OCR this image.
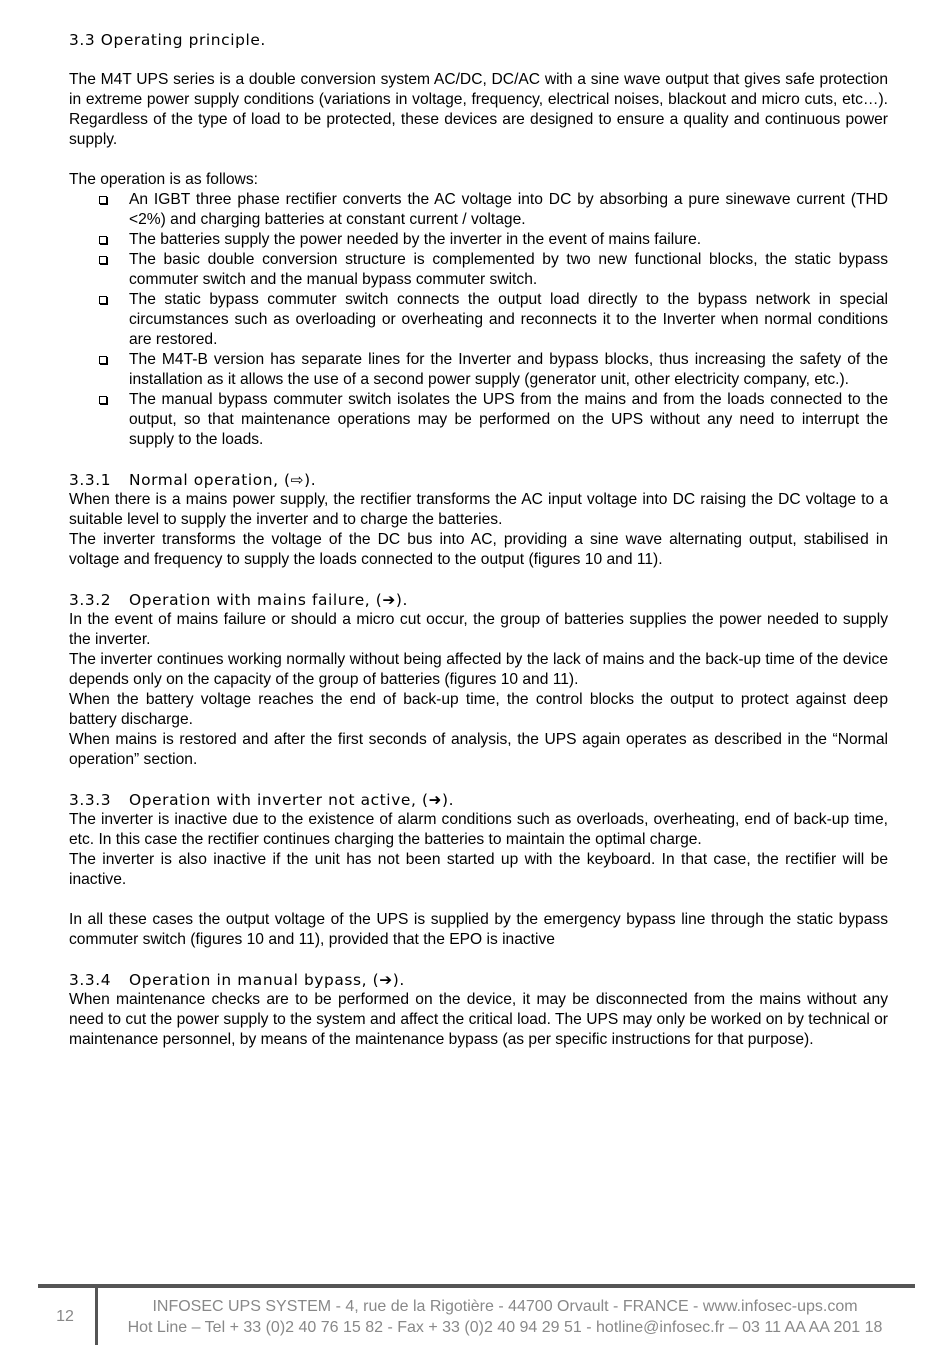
3.3 Operating principle.

The M4T UPS series is a double conversion system AC/DC, DC/AC with a sine wave output that gives safe protection in extreme power supply conditions (variations in voltage, frequency, electrical noises, blackout and micro cuts, etc…). Regardless of the type of load to be protected, these devices are designed to ensure a quality and continuous power supply.

The operation is as follows:

An IGBT three phase rectifier converts the AC voltage into DC by absorbing a pure sinewave current (THD <2%) and charging batteries at constant current / voltage.
The batteries supply the power needed by the inverter in the event of mains failure.
The basic double conversion structure is complemented by two new functional blocks, the static bypass commuter switch and the manual bypass commuter switch.
The static bypass commuter switch connects the output load directly to the bypass network in special circumstances such as overloading or overheating and reconnects it to the Inverter when normal conditions are restored.
The M4T-B version has separate lines for the Inverter and bypass blocks, thus increasing the safety of the installation as it allows the use of a second power supply (generator unit, other electricity company, etc.).
The manual bypass commuter switch isolates the UPS from the mains and from the loads connected to the output, so that maintenance operations may be performed on the UPS without any need to interrupt the supply to the loads.

3.3.1 Normal operation, (⇨).

When there is a mains power supply, the rectifier transforms the AC input voltage into DC raising the DC voltage to a suitable level to supply the inverter and to charge the batteries.

The inverter transforms the voltage of the DC bus into AC, providing a sine wave alternating output, stabilised in voltage and frequency to supply the loads connected to the output (figures 10 and 11).

3.3.2 Operation with mains failure, (➔).

In the event of mains failure or should a micro cut occur, the group of batteries supplies the power needed to supply the inverter.

The inverter continues working normally without being affected by the lack of mains and the back-up time of the device depends only on the capacity of the group of batteries (figures 10 and 11).

When the battery voltage reaches the end of back-up time, the control blocks the output to protect against deep battery discharge.

When mains is restored and after the first seconds of analysis, the UPS again operates as described in the “Normal operation” section.

3.3.3 Operation with inverter not active, (➜).

The inverter is inactive due to the existence of alarm conditions such as overloads, overheating, end of back-up time, etc. In this case the rectifier continues charging the batteries to maintain the optimal charge.

The inverter is also inactive if the unit has not been started up with the keyboard. In that case, the rectifier will be inactive.

In all these cases the output voltage of the UPS is supplied by the emergency bypass line through the static bypass commuter switch (figures 10 and 11), provided that the EPO is inactive

3.3.4 Operation in manual bypass, (➔).

When maintenance checks are to be performed on the device, it may be disconnected from the mains without any need to cut the power supply to the system and affect the critical load. The UPS may only be worked on by technical or maintenance personnel, by means of the maintenance bypass (as per specific instructions for that purpose).

12
INFOSEC UPS SYSTEM - 4, rue de la Rigotière - 44700 Orvault - FRANCE - www.infosec-ups.com
Hot Line – Tel + 33 (0)2 40 76 15 82 - Fax + 33 (0)2 40 94 29 51 - hotline@infosec.fr – 03 11 AA AA 201 18
